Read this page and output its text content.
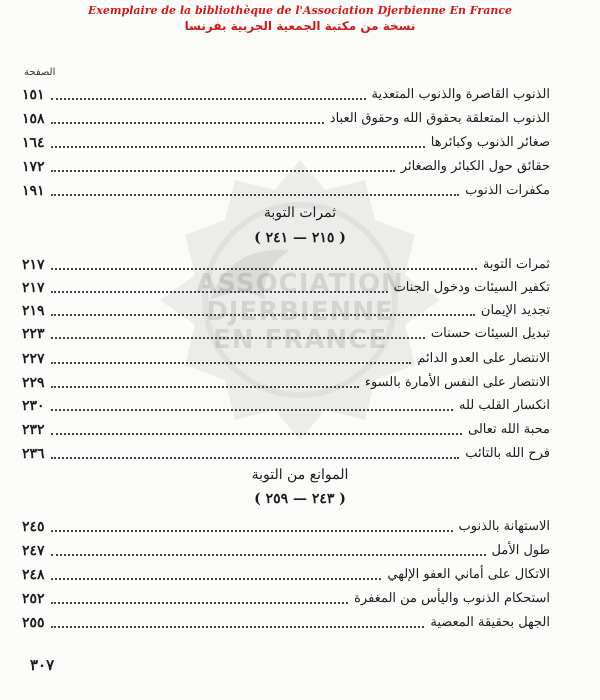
ASSOCIATION
DJERBIENNE
EN FRANCE
Exemplaire de la bibliothèque de l'Association Djerbienne En France
نسخة من مكتبة الجمعية الجربية بفرنسا
الصفحة
الذنوب القاصرة والذنوب المتعدية
١٥١
الذنوب المتعلقة بحقوق الله وحقوق العباد
١٥٨
صغائر الذنوب وكبائرها
١٦٤
حقائق حول الكبائر والصغائر
١٧٢
مكفرات الذنوب
١٩١
ثمرات التوبة
( ٢١٥ — ٢٤١ )
ثمرات التوبة
٢١٧
تكفير السيئات ودخول الجنات
٢١٧
تجديد الإيمان
٢١٩
تبديل السيئات حسنات
٢٢٣
الانتصار على العدو الدائم
٢٢٧
الانتصار على النفس الأمارة بالسوء
٢٢٩
انكسار القلب لله
٢٣٠
محبة الله تعالى
٢٣٢
فرح الله بالتائب
٢٣٦
الموانع من التوبة
( ٢٤٣ — ٢٥٩ )
الاستهانة بالذنوب
٢٤٥
طول الأمل
٢٤٧
الاتكال على أماني العفو الإلهي
٢٤٨
استحكام الذنوب واليأس من المغفرة
٢٥٢
الجهل بحقيقة المعصية
٢٥٥
٣٠٧
